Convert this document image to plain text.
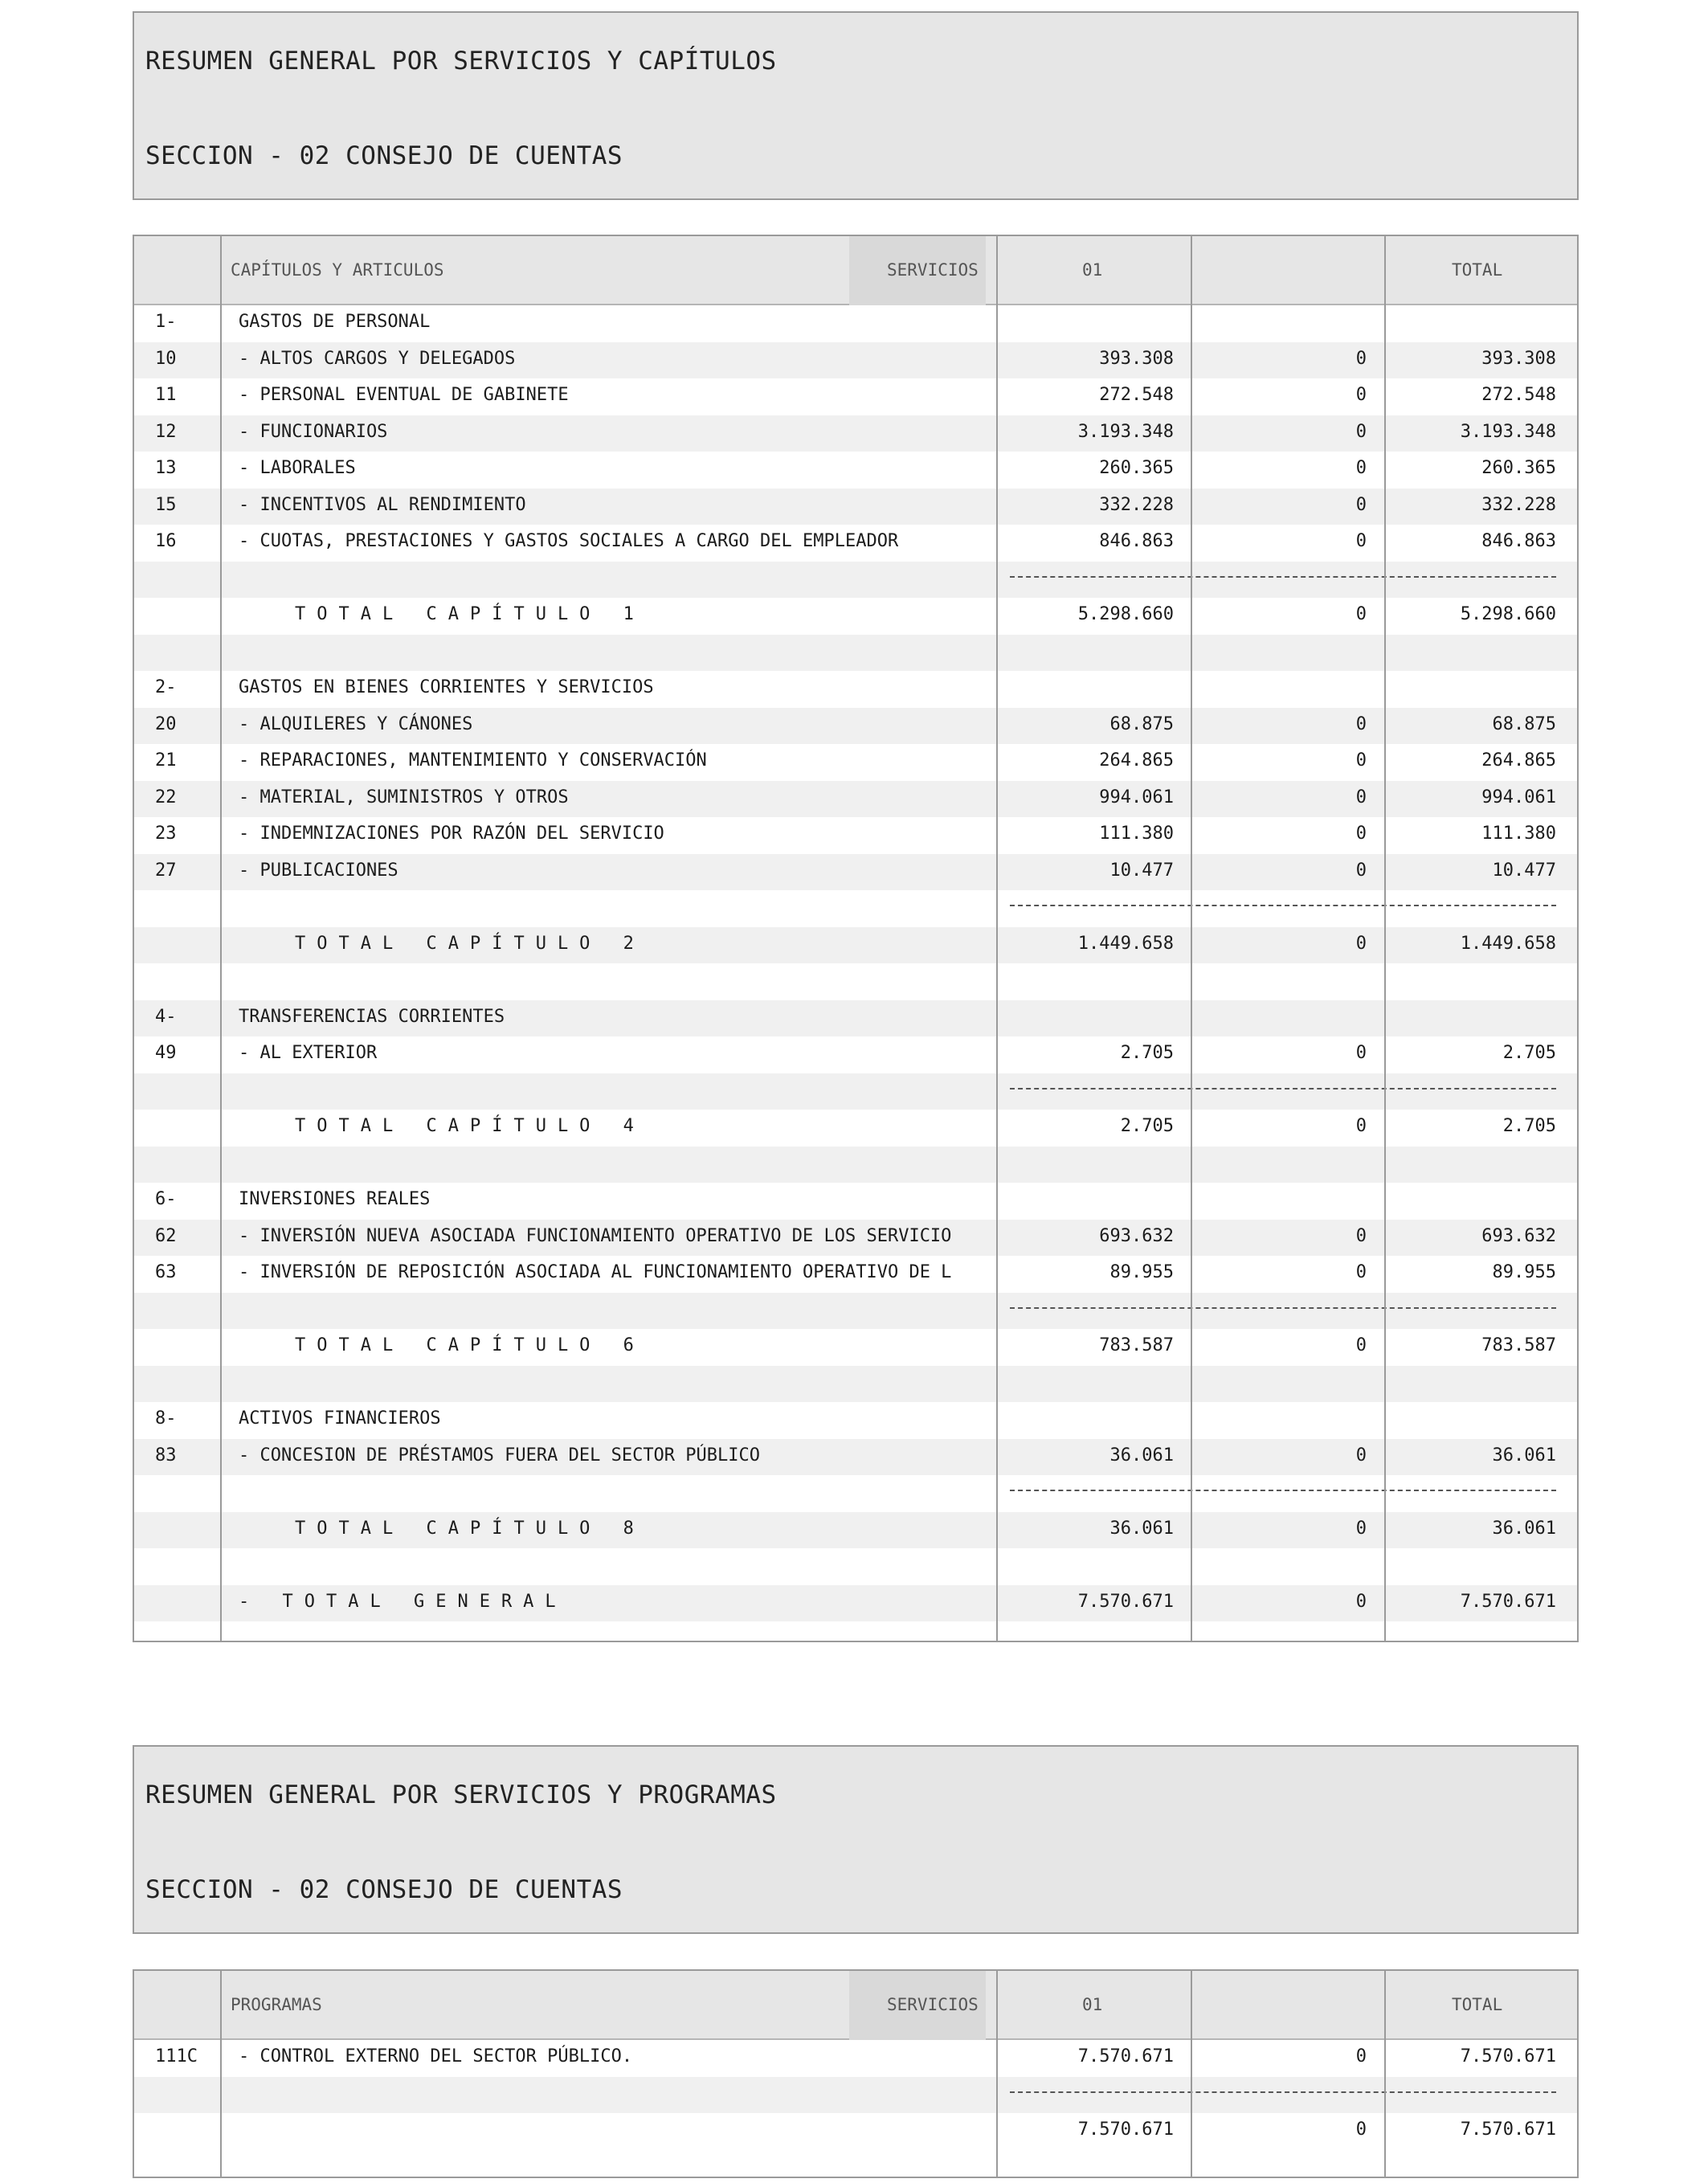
RESUMEN GENERAL POR SERVICIOS Y CAPÍTULOS
SECCION - 02 CONSEJO DE CUENTAS
CAPÍTULOS Y ARTICULOS	SERVICIOS	01	TOTAL
1-	GASTOS DE PERSONAL
10	- ALTOS CARGOS Y DELEGADOS	393.308	0	393.308
11	- PERSONAL EVENTUAL DE GABINETE	272.548	0	272.548
12	- FUNCIONARIOS	3.193.348	0	3.193.348
13	- LABORALES	260.365	0	260.365
15	- INCENTIVOS AL RENDIMIENTO	332.228	0	332.228
16	- CUOTAS, PRESTACIONES Y GASTOS SOCIALES A CARGO DEL EMPLEADOR	846.863	0	846.863
TOTAL CAPÍTULO 1	5.298.660	0	5.298.660
2-	GASTOS EN BIENES CORRIENTES Y SERVICIOS
20	- ALQUILERES Y CÁNONES	68.875	0	68.875
21	- REPARACIONES, MANTENIMIENTO Y CONSERVACIÓN	264.865	0	264.865
22	- MATERIAL, SUMINISTROS Y OTROS	994.061	0	994.061
23	- INDEMNIZACIONES POR RAZÓN DEL SERVICIO	111.380	0	111.380
27	- PUBLICACIONES	10.477	0	10.477
TOTAL CAPÍTULO 2	1.449.658	0	1.449.658
4-	TRANSFERENCIAS CORRIENTES
49	- AL EXTERIOR	2.705	0	2.705
TOTAL CAPÍTULO 4	2.705	0	2.705
6-	INVERSIONES REALES
62	- INVERSIÓN NUEVA ASOCIADA FUNCIONAMIENTO OPERATIVO DE LOS SERVICIO	693.632	0	693.632
63	- INVERSIÓN DE REPOSICIÓN ASOCIADA AL FUNCIONAMIENTO OPERATIVO DE L	89.955	0	89.955
TOTAL CAPÍTULO 6	783.587	0	783.587
8-	ACTIVOS FINANCIEROS
83	- CONCESION DE PRÉSTAMOS FUERA DEL SECTOR PÚBLICO	36.061	0	36.061
TOTAL CAPÍTULO 8	36.061	0	36.061
- TOTAL GENERAL	7.570.671	0	7.570.671
RESUMEN GENERAL POR SERVICIOS Y PROGRAMAS
SECCION - 02 CONSEJO DE CUENTAS
PROGRAMAS	SERVICIOS	01	TOTAL
111C - CONTROL EXTERNO DEL SECTOR PÚBLICO.	7.570.671	0	7.570.671
7.570.671	0	7.570.671
